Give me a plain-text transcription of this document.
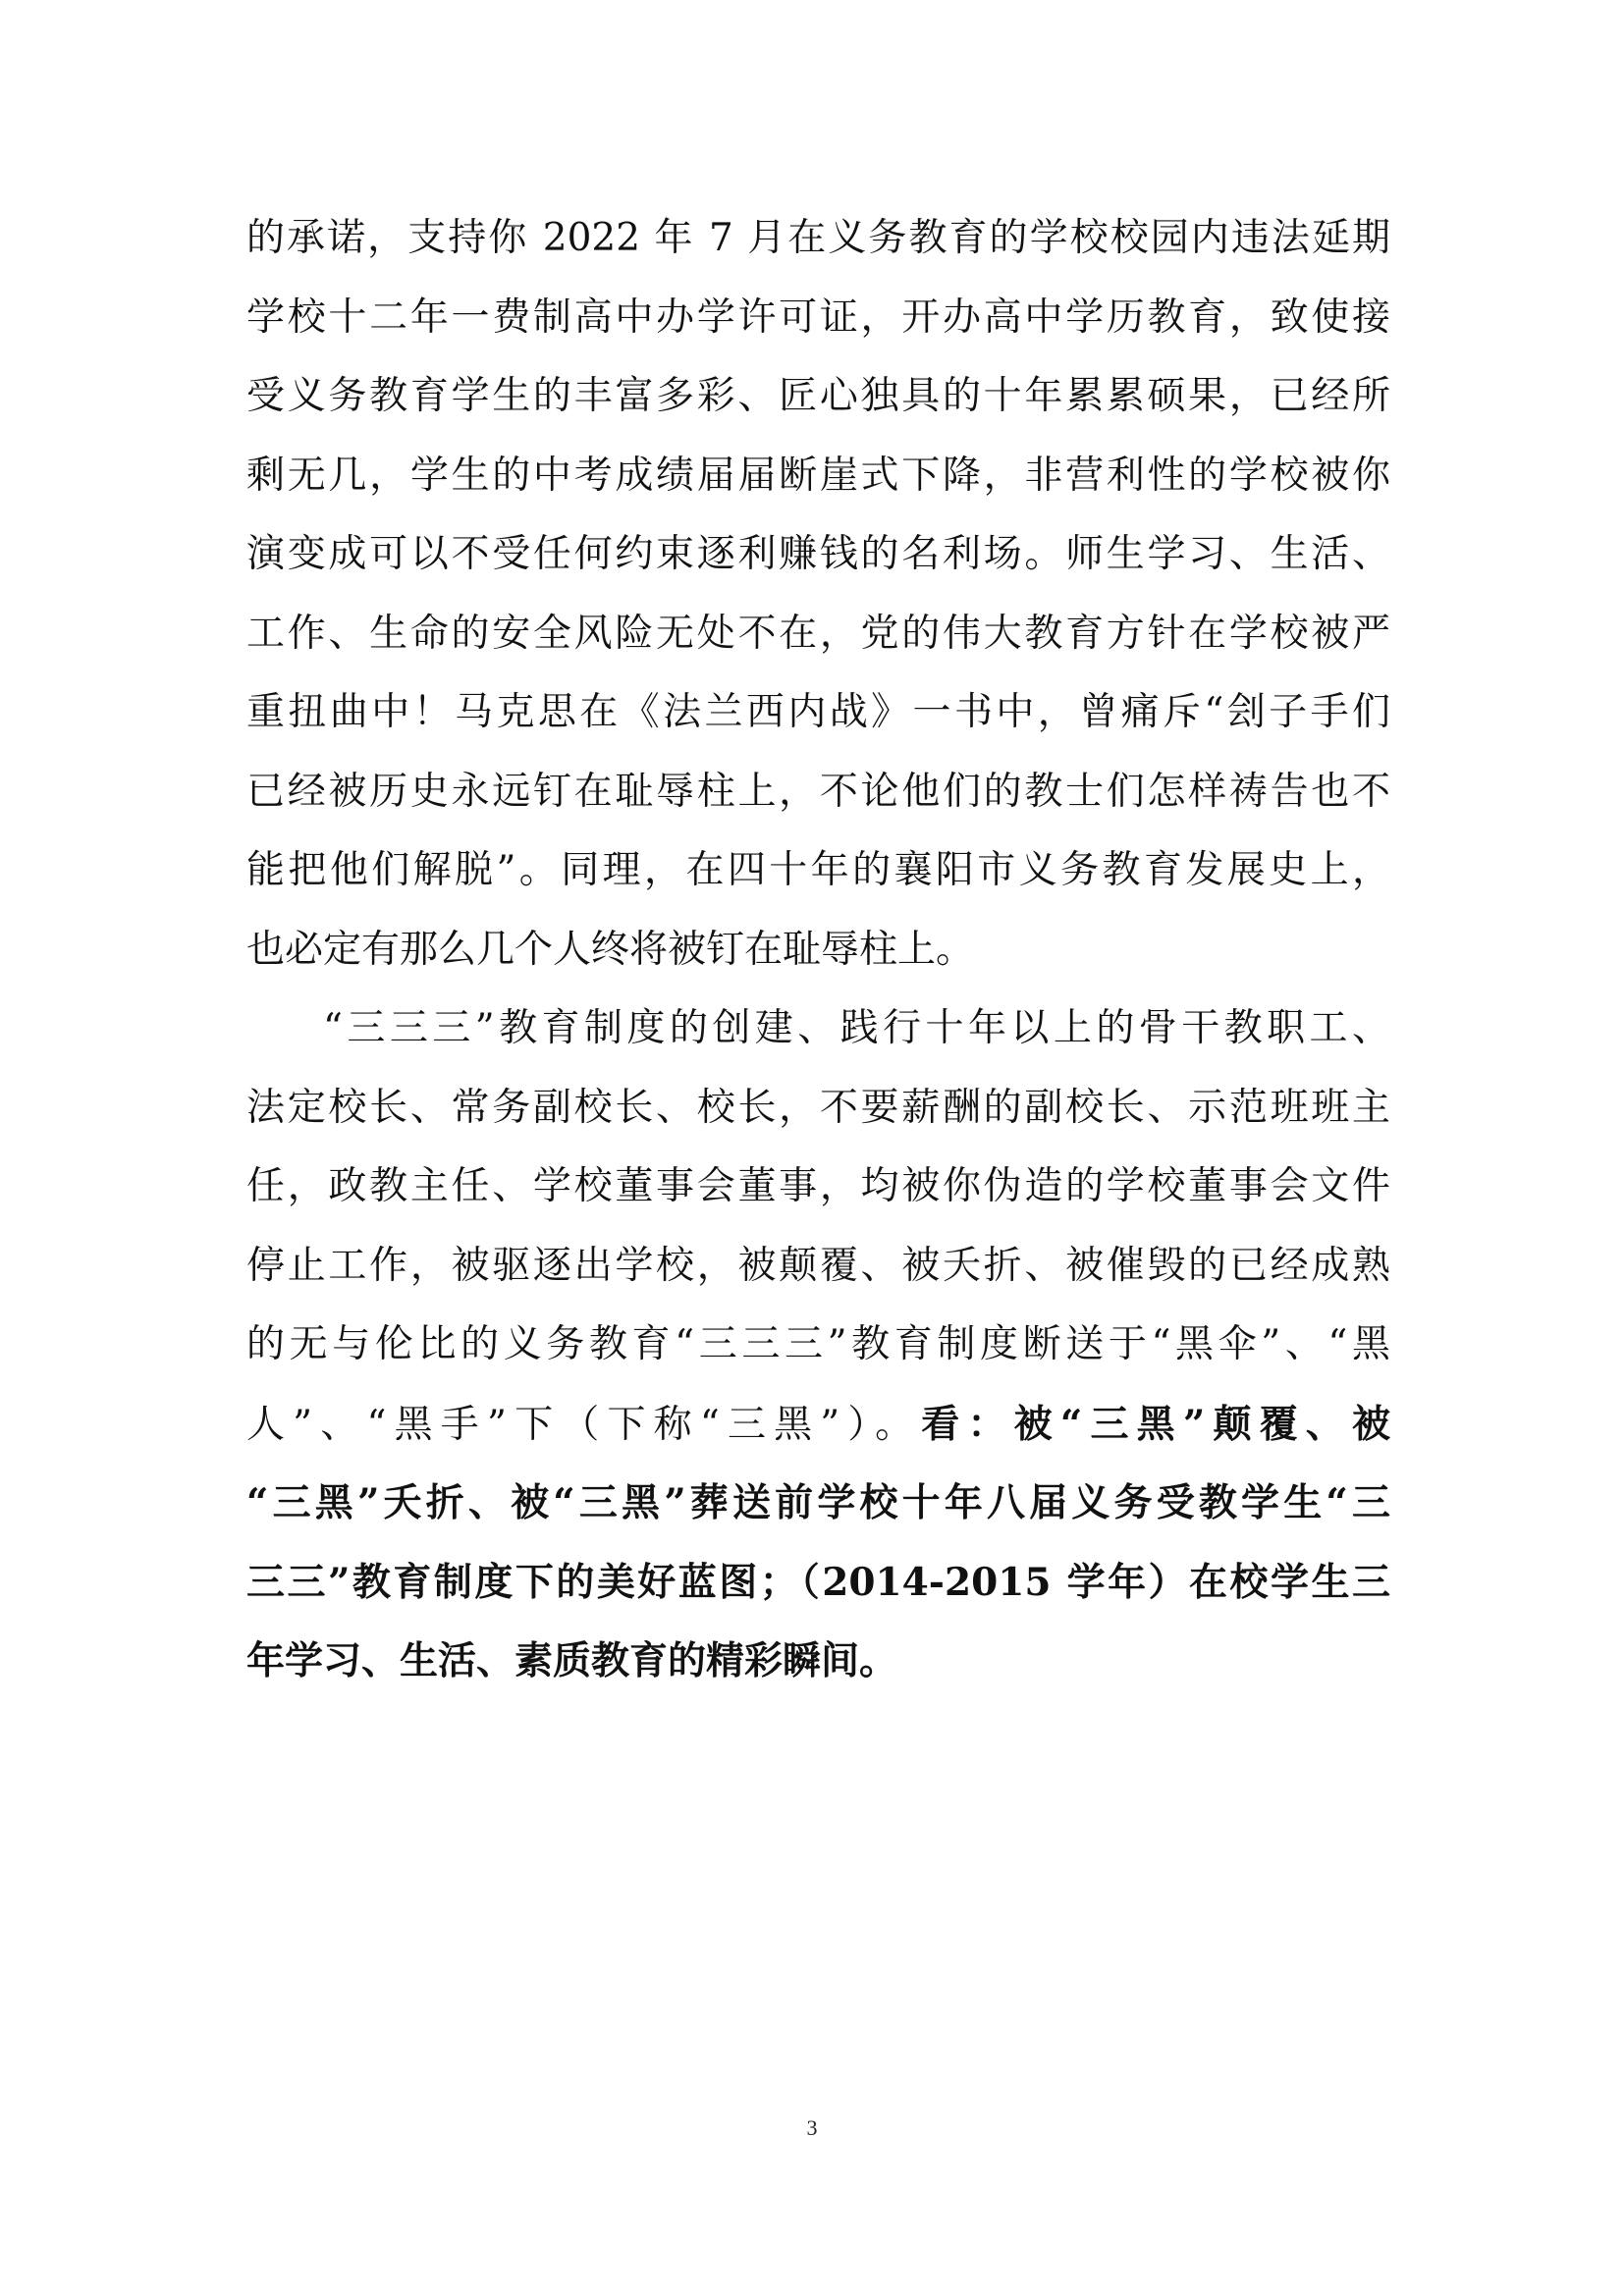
的承诺，支持你 2022 年 7 月在义务教育的学校校园内违法延期
学校十二年一费制高中办学许可证，开办高中学历教育，致使接
受义务教育学生的丰富多彩、匠心独具的十年累累硕果，已经所
剩无几，学生的中考成绩届届断崖式下降，非营利性的学校被你
演变成可以不受任何约束逐利赚钱的名利场。师生学习、生活、
工作、生命的安全风险无处不在，党的伟大教育方针在学校被严
重扭曲中！马克思在《法兰西内战》一书中，曾痛斥“刽子手们
已经被历史永远钉在耻辱柱上，不论他们的教士们怎样祷告也不
能把他们解脱”。同理，在四十年的襄阳市义务教育发展史上，
也必定有那么几个人终将被钉在耻辱柱上。
“三三三”教育制度的创建、践行十年以上的骨干教职工、
法定校长、常务副校长、校长，不要薪酬的副校长、示范班班主
任，政教主任、学校董事会董事，均被你伪造的学校董事会文件
停止工作，被驱逐出学校，被颠覆、被夭折、被催毁的已经成熟
的无与伦比的义务教育“三三三”教育制度断送于“黑伞”、“黑
人”、“黑手”下（下称“三黑”）。看：被“三黑”颠覆、被
“三黑”夭折、被“三黑”葬送前学校十年八届义务受教学生“三
三三”教育制度下的美好蓝图；（2014-2015 学年）在校学生三
年学习、生活、素质教育的精彩瞬间。
3
